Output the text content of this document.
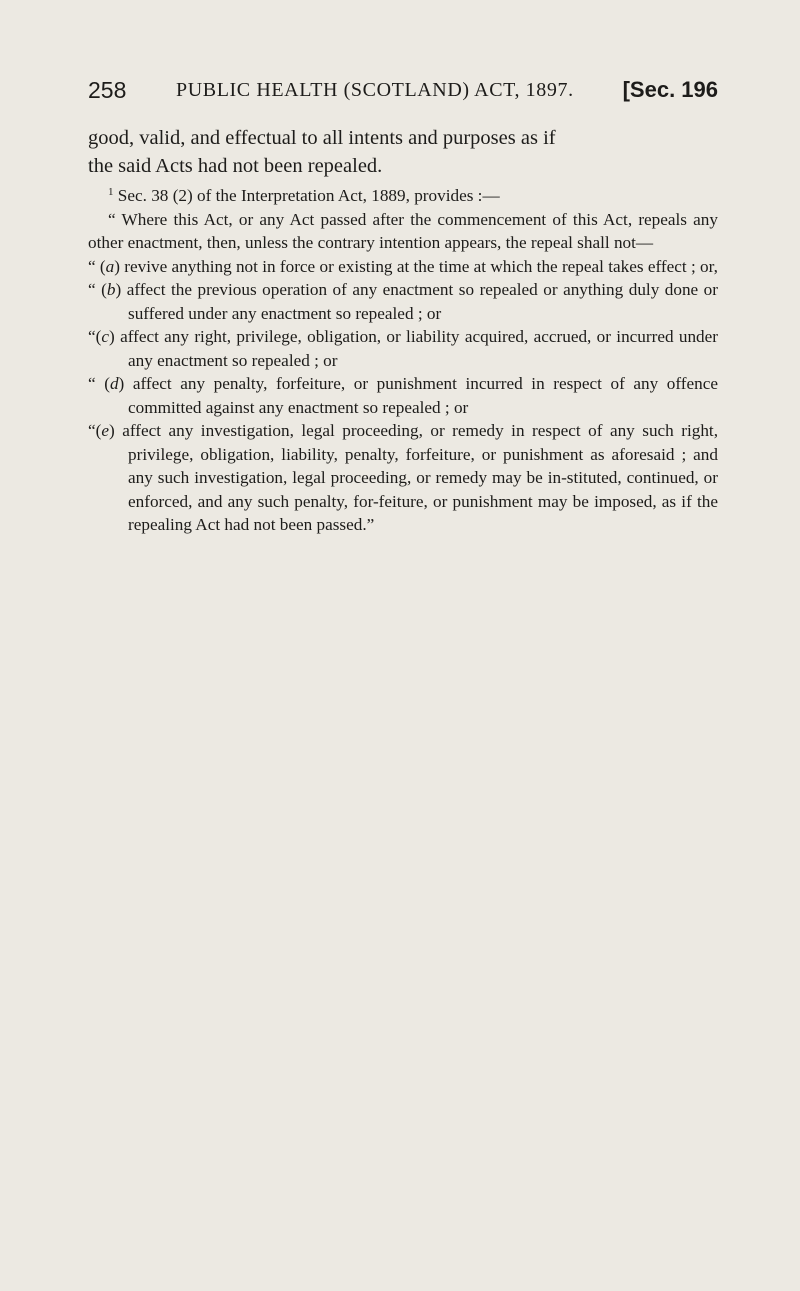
258 PUBLIC HEALTH (SCOTLAND) ACT, 1897. [Sec. 196

good, valid, and effectual to all intents and purposes as if

the said Acts had not been repealed.

$^1$ Sec. 38 (2) of the Interpretation Act, 1889, provides :—

“ Where this Act, or any Act passed after the commencement of this Act, repeals any other enactment, then, unless the contrary intention appears, the repeal shall not—

“ (a) revive anything not in force or existing at the time at which the repeal takes effect ; or,

“ (b) affect the previous operation of any enactment so repealed or anything duly done or suffered under any enactment so repealed ; or

“(c) affect any right, privilege, obligation, or liability acquired, accrued, or incurred under any enactment so repealed ; or

“ (d) affect any penalty, forfeiture, or punishment incurred in respect of any offence committed against any enactment so repealed ; or

“(e) affect any investigation, legal proceeding, or remedy in respect of any such right, privilege, obligation, liability, penalty, forfeiture, or punishment as aforesaid ; and any such investigation, legal proceeding, or remedy may be in-stituted, continued, or enforced, and any such penalty, for-feiture, or punishment may be imposed, as if the repealing Act had not been passed.”
